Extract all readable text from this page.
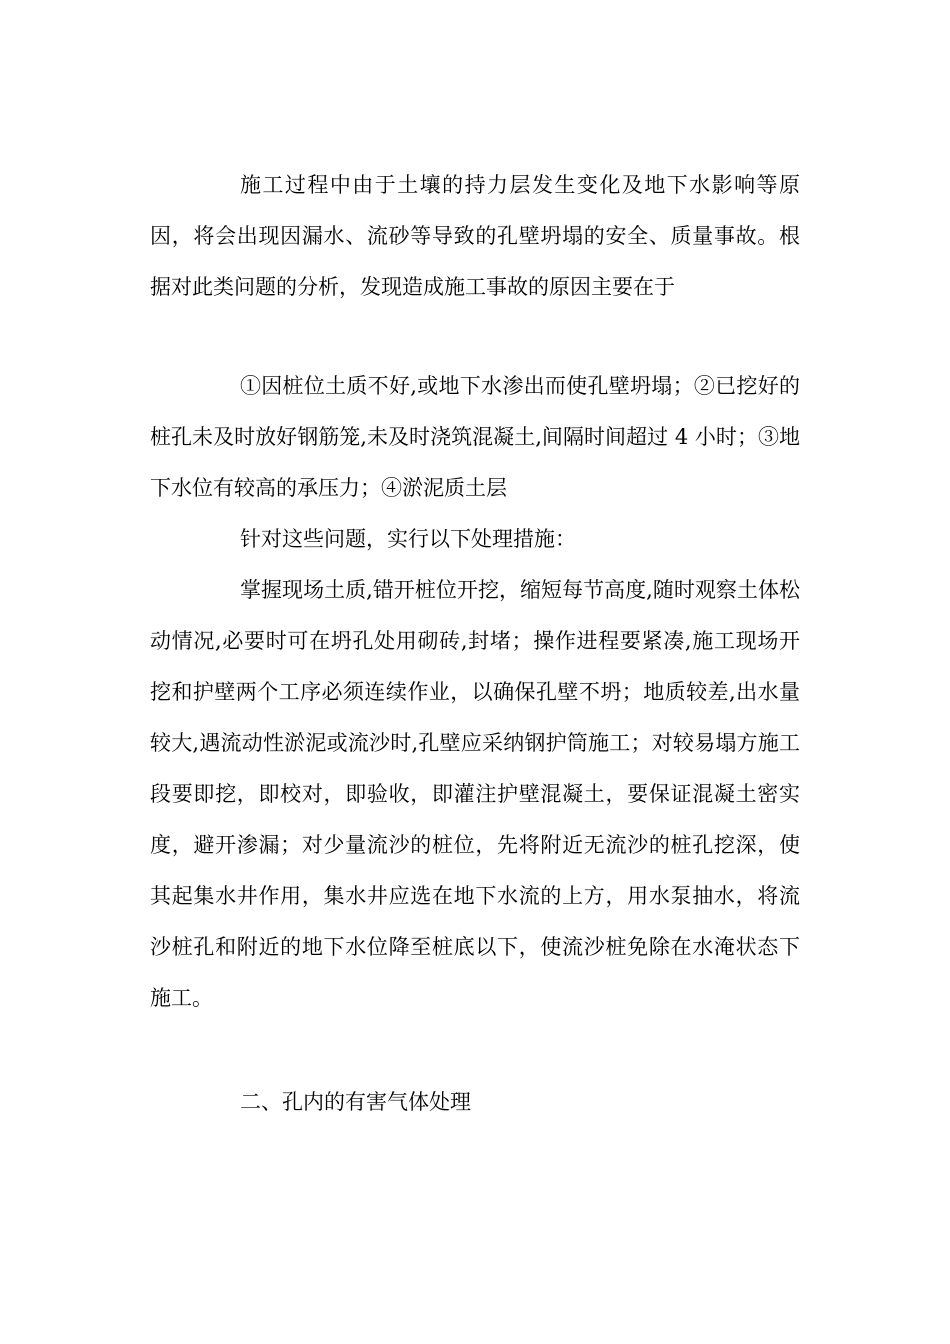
施工过程中由于土壤的持力层发生变化及地下水影响等原因，将会出现因漏水、流砂等导致的孔壁坍塌的安全、质量事故。根据对此类问题的分析，发现造成施工事故的原因主要在于

①因桩位土质不好,或地下水渗出而使孔壁坍塌；②已挖好的桩孔未及时放好钢筋笼,未及时浇筑混凝土,间隔时间超过 4 小时；③地下水位有较高的承压力；④淤泥质土层

针对这些问题，实行以下处理措施：

掌握现场土质,错开桩位开挖，缩短每节高度,随时观察土体松动情况,必要时可在坍孔处用砌砖,封堵；操作进程要紧凑,施工现场开挖和护壁两个工序必须连续作业，以确保孔壁不坍；地质较差,出水量较大,遇流动性淤泥或流沙时,孔壁应采纳钢护筒施工；对较易塌方施工段要即挖，即校对，即验收，即灌注护壁混凝土，要保证混凝土密实度，避开渗漏；对少量流沙的桩位，先将附近无流沙的桩孔挖深，使其起集水井作用，集水井应选在地下水流的上方，用水泵抽水，将流沙桩孔和附近的地下水位降至桩底以下，使流沙桩免除在水淹状态下施工。

二、孔内的有害气体处理
